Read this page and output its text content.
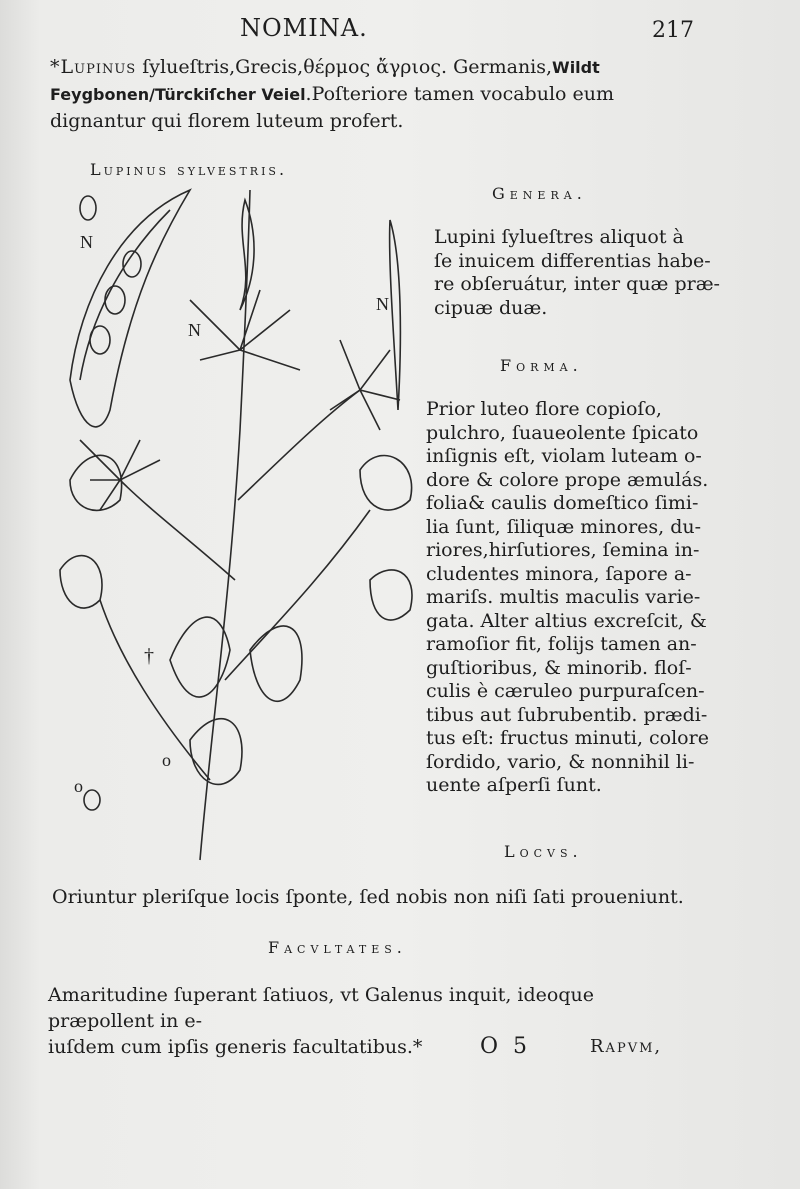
NOMINA.	217
*Lupinus ſylueſtris,Grecis,θέρμος ἄγριος. Germanis,Wildt Feygbonen/Türckiſcher Veiel.Poſteriore tamen vocabulo eum dignantur qui florem luteum profert.
Lupinus sylvestris.
N
N
N
†
o
o
Genera.
Lupini ſylueſtres aliquot à
ſe inuicem differentias habe-
re obſeruátur, inter quæ præ-
cipuæ duæ.
Forma.
Prior luteo flore copioſo,
pulchro, ſuaueolente ſpicato
inſignis eſt, violam luteam o-
dore & colore prope æmulás.
folia& caulis domeſtico ſimi-
lia ſunt, ſiliquæ minores, du-
riores,hirſutiores, ſemina in-
cludentes minora, ſapore a-
mariſs. multis maculis varie-
gata. Alter altius excreſcit, &
ramoſior fit, folijs tamen an-
guſtioribus, & minorib. floſ-
culis è cæruleo purpuraſcen-
tibus aut ſubrubentib. prædi-
tus eſt: fructus minuti, colore
ſordido, vario, & nonnihil li-
uente aſperſi ſunt.
Locvs.
Oriuntur pleriſque locis ſponte, ſed nobis non niſi ſati proueniunt.
Facvltates.
Amaritudine ſuperant ſatiuos, vt Galenus inquit, ideoque præpollent in e-
iuſdem cum ipſis generis facultatibus.*	O 5	Rapvm,
